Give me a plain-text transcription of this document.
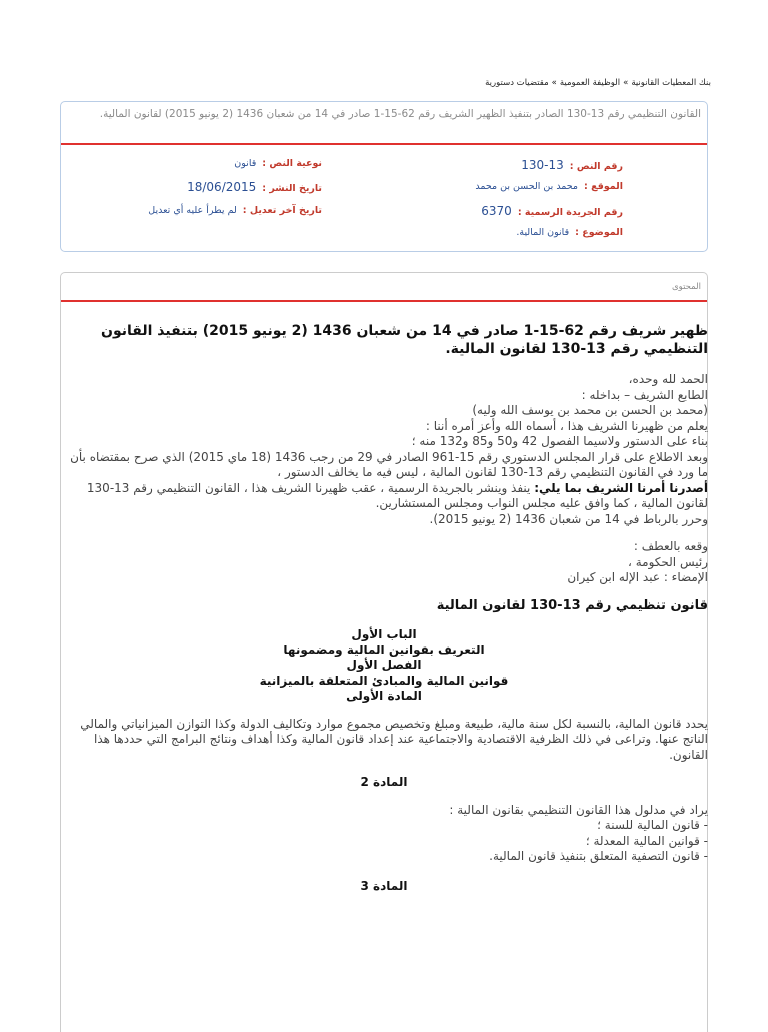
بنك المعطيات القانونية»الوظيفة العمومية»مقتضيات دستورية
القانون التنظيمي رقم 13-130 الصادر بتنفيذ الظهير الشريف رقم 62-15-1 صادر في 14 من شعبان 1436 (2 يونيو 2015) لقانون المالية.
رقم النص :13-130
نوعية النص :قانون
الموقع :محمد بن الحسن بن محمد
تاريخ النشر :18/06/2015
رقم الجريدة الرسمية :6370
تاريخ آخر تعديل :لم يطرأ عليه أي تعديل
الموضوع :قانون المالية.
المحتوى
ظهير شريف رقم 62-15-1 صادر في 14 من شعبان 1436 (2 يونيو 2015) بتنفيذ القانون التنظيمي رقم 13-130 لقانون المالية.

الحمد لله وحده،

الطابع الشريف – بداخله :

(محمد بن الحسن بن محمد بن يوسف الله وليه)

يعلم من ظهيرنا الشريف هذا ، أسماه الله وأعز أمره أننا :

بناء على الدستور ولاسيما الفصول 42 و50 و85 و132 منه ؛

وبعد الاطلاع على قرار المجلس الدستوري رقم 15-961 الصادر في 29 من رجب 1436 (18 ماي 2015) الذي صرح بمقتضاه بأن ما ورد في القانون التنظيمي رقم 13-130 لقانون المالية ، ليس فيه ما يخالف الدستور ،

أصدرنا أمرنا الشريف بما يلي: ينفذ وينشر بالجريدة الرسمية ، عقب ظهيرنا الشريف هذا ، القانون التنظيمي رقم 13-130 لقانون المالية ، كما وافق عليه مجلس النواب ومجلس المستشارين.

وحرر بالرباط في 14 من شعبان 1436 (2 يونيو 2015).

وقعه بالعطف :

رئيس الحكومة ،

الإمضاء : عبد الإله ابن كيران

قانون تنظيمي رقم 13-130 لقانون المالية
الباب الأول
التعريف بقوانين المالية ومضمونها
الفصل الأول
قوانين المالية والمبادئ المتعلقة بالميزانية
المادة الأولى

يحدد قانون المالية، بالنسبة لكل سنة مالية، طبيعة ومبلغ وتخصيص مجموع موارد وتكاليف الدولة وكذا التوازن الميزانياتي والمالي الناتج عنها. وتراعى في ذلك الظرفية الاقتصادية والاجتماعية عند إعداد قانون المالية وكذا أهداف ونتائج البرامج التي حددها هذا القانون.

المادة 2

يراد في مدلول هذا القانون التنظيمي بقانون المالية :

- قانون المالية للسنة ؛

- قوانين المالية المعدلة ؛

- قانون التصفية المتعلق بتنفيذ قانون المالية.

المادة 3
